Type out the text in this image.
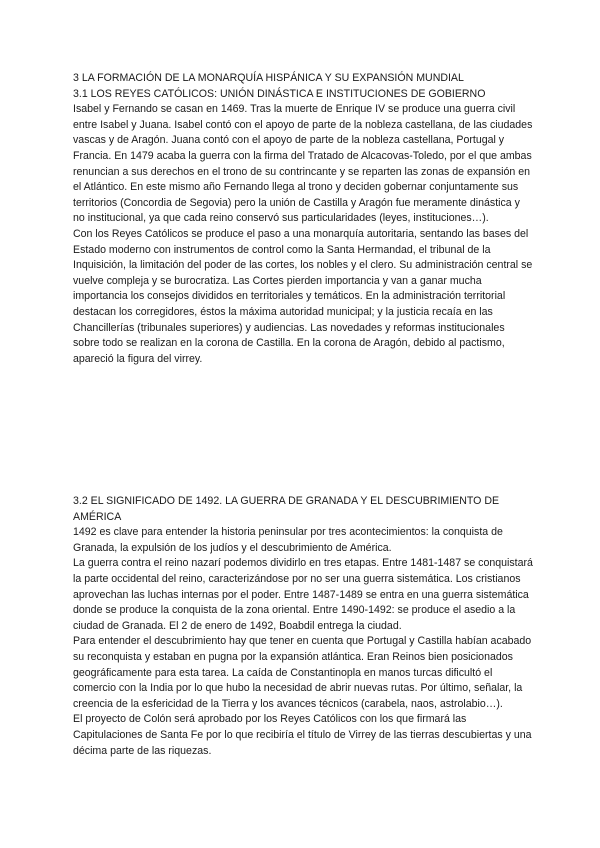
3 LA FORMACIÓN DE LA MONARQUÍA HISPÁNICA Y SU EXPANSIÓN MUNDIAL

3.1 LOS REYES CATÓLICOS: UNIÓN DINÁSTICA E INSTITUCIONES DE GOBIERNO

Isabel y Fernando se casan en 1469. Tras la muerte de Enrique IV se produce una guerra civil entre Isabel y Juana. Isabel contó con el apoyo de parte de la nobleza castellana, de las ciudades vascas y de Aragón. Juana contó con el apoyo de parte de la nobleza castellana, Portugal y Francia. En 1479 acaba la guerra con la firma del Tratado de Alcacovas-Toledo, por el que ambas renuncian a sus derechos en el trono de su contrincante y se reparten las zonas de expansión en el Atlántico. En este mismo año Fernando llega al trono y deciden gobernar conjuntamente sus territorios (Concordia de Segovia) pero la unión de Castilla y Aragón fue meramente dinástica y no institucional, ya que cada reino conservó sus particularidades (leyes, instituciones…).

Con los Reyes Católicos se produce el paso a una monarquía autoritaria, sentando las bases del Estado moderno con instrumentos de control como la Santa Hermandad, el tribunal de la Inquisición, la limitación del poder de las cortes, los nobles y el clero. Su administración central se vuelve compleja y se burocratiza. Las Cortes pierden importancia y van a ganar mucha importancia los consejos divididos en territoriales y temáticos. En la administración territorial destacan los corregidores, éstos la máxima autoridad municipal; y la justicia recaía en las Chancillerías (tribunales superiores) y audiencias. Las novedades y reformas institucionales sobre todo se realizan en la corona de Castilla. En la corona de Aragón, debido al pactismo, apareció la figura del virrey.

3.2 EL SIGNIFICADO DE 1492. LA GUERRA DE GRANADA Y EL DESCUBRIMIENTO DE AMÉRICA

1492 es clave para entender la historia peninsular por tres acontecimientos: la conquista de Granada, la expulsión de los judíos y el descubrimiento de América.

La guerra contra el reino nazarí podemos dividirlo en tres etapas. Entre 1481-1487 se conquistará la parte occidental del reino, caracterizándose por no ser una guerra sistemática. Los cristianos aprovechan las luchas internas por el poder. Entre 1487-1489 se entra en una guerra sistemática donde se produce la conquista de la zona oriental. Entre 1490-1492: se produce el asedio a la ciudad de Granada. El 2 de enero de 1492, Boabdil entrega la ciudad.

Para entender el descubrimiento hay que tener en cuenta que Portugal y Castilla habían acabado su reconquista y estaban en pugna por la expansión atlántica. Eran Reinos bien posicionados geográficamente para esta tarea. La caída de Constantinopla en manos turcas dificultó el comercio con la India por lo que hubo la necesidad de abrir nuevas rutas. Por último, señalar, la creencia de la esfericidad de la Tierra y los avances técnicos (carabela, naos, astrolabio…).

El proyecto de Colón será aprobado por los Reyes Católicos con los que firmará las Capitulaciones de Santa Fe por lo que recibiría el título de Virrey de las tierras descubiertas y una décima parte de las riquezas.
